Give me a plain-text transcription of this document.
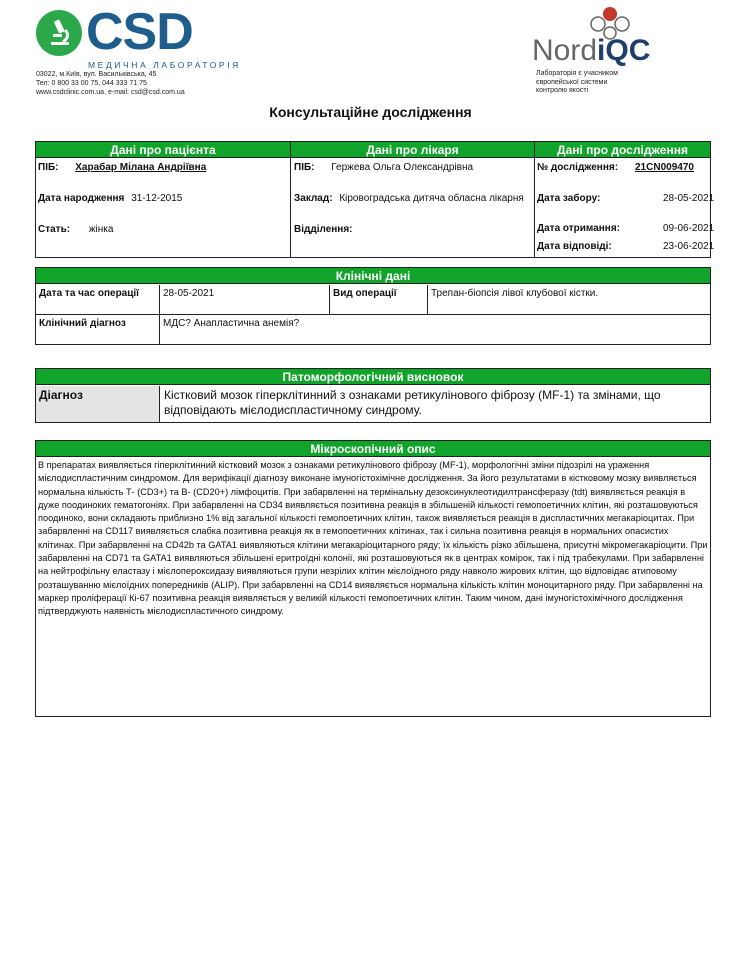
CSD
МЕДИЧНА ЛАБОРАТОРІЯ
03022, м.Київ, вул. Васильківська, 45
Тел: 0 800 33 00 75, 044 333 71 75
www.csdclinic.com.ua, e-mail: csd@csd.com.ua
NordiQC
Лабораторія є учасником
європейської системи
контролю якості
Консультаційне дослідження
Дані про пацієнта
ПІБ: Харабар Мілана Андріївна
Дата народження 31-12-2015
Стать: жінка
Дані про лікаря
ПІБ: Гержева Ольга Олександрівна
Заклад: Кіровоградська дитяча обласна лікарня
Відділення:
Дані про дослідження
№ дослідження: 21CN009470
Дата забору:	28-05-2021
Дата отримання:	09-06-2021
Дата відповіді:	23-06-2021
Клінічні дані
Дата та час операції	28-05-2021	Вид операції	Трепан-біопсія лівої клубової кістки.
Клінічний діагноз	МДС? Анапластична анемія?
Патоморфологічний висновок
Діагноз	Кістковий мозок гіперклітинний з ознаками ретикулінового фіброзу (MF-1) та змінами, що відповідають мієлодиспластичному синдрому.
Мікроскопічний опис
В препаратах виявляється гіперклітинний кістковий мозок з ознаками ретикулінового фіброзу (MF-1), морфологічні зміни підозрілі на ураження мієлодиспластичним синдромом. Для верифікації діагнозу виконане імуногістохімічне дослідження. За його результатами в кістковому мозку виявляється нормальна кількість Т- (CD3+) та В- (CD20+) лімфоцитів. При забарвленні на термінальну дезоксинуклеотидилтрансферазу (tdt) виявляється реакція в дуже поодиноких гематогоніях. При забарвленні на CD34 виявляється позитивна реакція в збільшеній кількості гемопоетичних клітин, які розташовуються поодиноко, вони складають приблизно 1% від загальної кількості гемопоетичних клітин, також виявляється реакція в диспластичних мегакаріоцитах. При забарвленні на CD117 виявляється слабка позитивна реакція як в гемопоетичних клітинах, так і сильна позитивна реакція в нормальних опасистих клітинах. При забарвленні на CD42b та GATA1 виявляються клітини мегакаріоцитарного ряду; їх кількість різко збільшена, присутні мікромегакаріоцити. При забарвленні на CD71 та GATA1 виявляються збільшені еритроїдні колонії, які розташовуються як в центрах комірок, так і під трабекулами. При забарвленні на нейтрофільну еластазу і мієлопероксидазу виявляються групи незрілих клітин мієлоїдного ряду навколо жирових клітин, що відповідає атиповому розташуванню мієлоїдних попередників (ALIP). При забарвленні на CD14 виявляється нормальна кількість клітин моноцитарного ряду. При забарвленні на маркер проліферації Кі-67 позитивна реакція виявляється у великій кількості гемопоетичних клітин. Таким чином, дані імуногістохімічного дослідження підтверджують наявність мієлодиспластичного синдрому.
